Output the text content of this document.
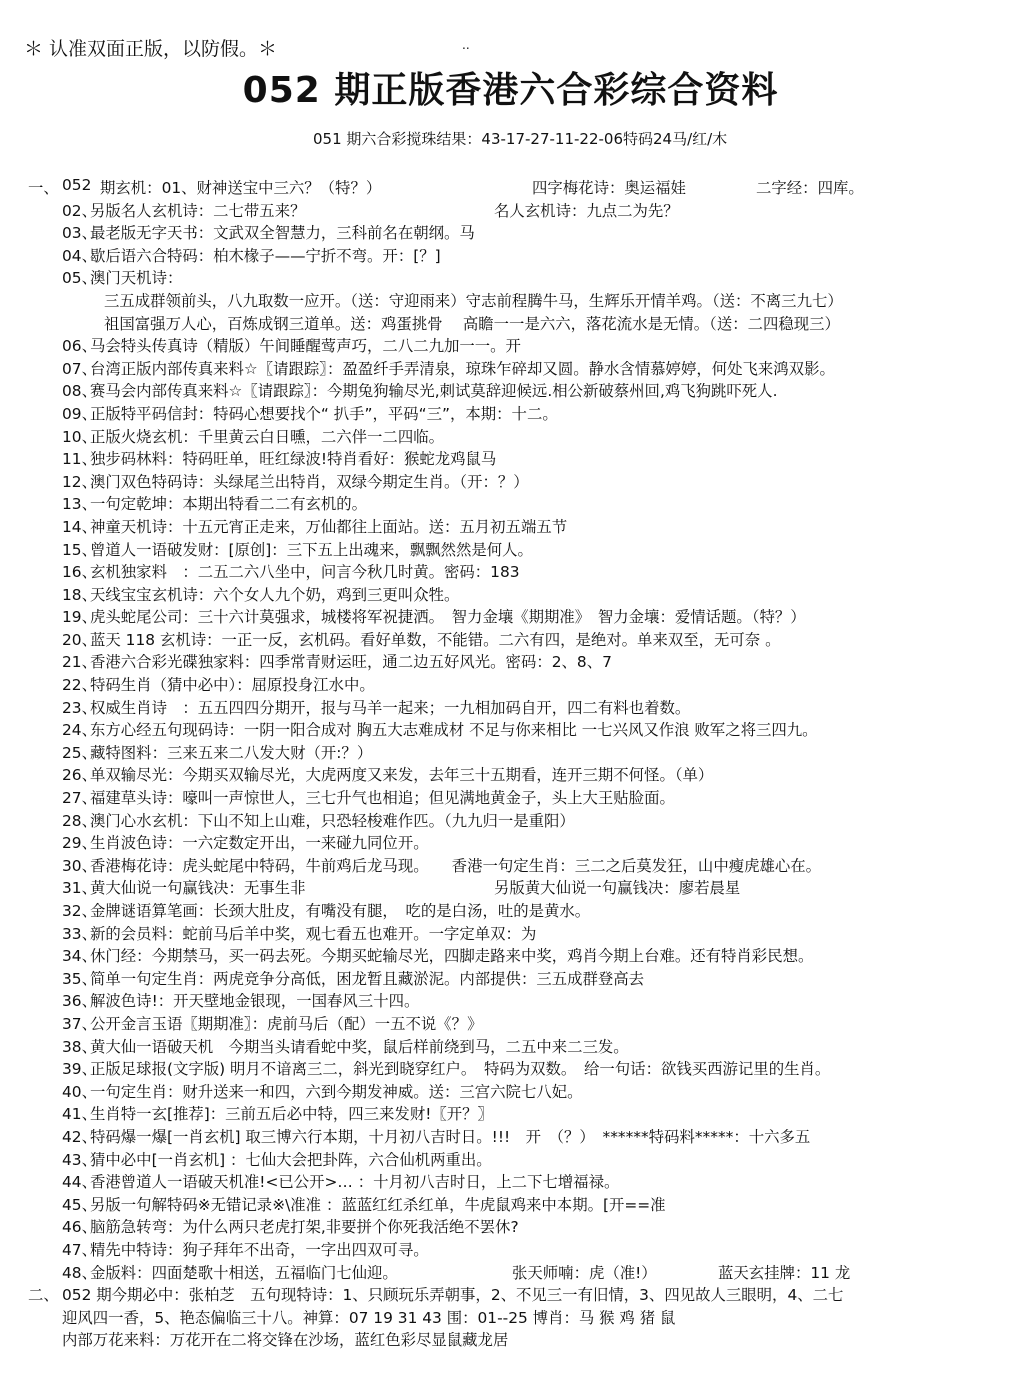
＊ 认准双面正版，以防假。＊	..
052 期正版香港六合彩综合资料
051 期六合彩搅珠结果：43-17-27-11-22-06特码24马/红/木
一、 052 期玄机：01、财神送宝中三六？（特？）	四字梅花诗：奥运福娃	二字经：四库。
02、
另版名人玄机诗：二七带五来？	名人玄机诗：九点二为先？
03、
最老版无字天书：文武双全智慧力，三科前名在朝纲。马
04、
歇后语六合特码：柏木椽子——宁折不弯。开：[？]
05、
澳门天机诗：
三五成群领前头，八九取数一应开。（送：守迎雨来）守志前程腾牛马，生辉乐开情羊鸡。（送：不离三九七）
祖国富强万人心，百炼成钢三道单。送：鸡蛋挑骨　 高瞻一一是六六，落花流水是无情。（送：二四稳现三）
06、
马会特头传真诗（精版）午间睡醒莺声巧，二八二九加一一。开
07、
台湾正版内部传真来料☆〖请跟踪〗：盈盈纤手弄清泉，琼珠乍碎却又圆。静水含情慕婷婷，何处飞来鸿双影。
08、
赛马会内部传真来料☆〖请跟踪〗：今期兔狗输尽光,刺试莫辞迎候远.相公新破蔡州回,鸡飞狗跳吓死人.
09、
正版特平码信封：特码心想要找个“ 扒手”，平码“三”，本期：十二。
10、
正版火烧玄机：千里黄云白日曛，二六伴一二四临。
11、
独步码林料：特码旺单，旺红绿波!特肖看好：猴蛇龙鸡鼠马
12、
澳门双色特码诗：头绿尾兰出特肖，双绿今期定生肖。（开：？）
13、
一句定乾坤：本期出特看二二有玄机的。
14、
神童天机诗：十五元宵正走来，万仙都往上面站。送：五月初五端五节
15、
曾道人一语破发财：[原创]：三下五上出魂来，飘飘然然是何人。
16、
玄机独家料　：二五二六八坐中，问言今秋几时黄。密码：183
18、
天线宝宝玄机诗：六个女人九个奶，鸡到三更叫众牲。
19、
虎头蛇尾公司：三十六计莫强求，城楼将军祝捷洒。　智力金壤《期期准》　智力金壤：爱情话题。（特？）
20、
蓝天 118 玄机诗：一正一反，玄机码。看好单数，不能错。二六有四，是绝对。单来双至，无可奈 。
21、
香港六合彩光碟独家料：四季常青财运旺，通二边五好风光。密码：2、8、7
22、
特码生肖（猜中必中）：屈原投身江水中。
23、
权威生肖诗　：五五四四分期开，报与马羊一起来；一九相加码自开，四二有料也着数。
24、
东方心经五句现码诗：一阴一阳合成对 胸五大志难成材 不足与你来相比 一七兴风又作浪 败军之将三四九。
25、
藏特图料：三来五来二八发大财（开:？）
26、
单双输尽光：今期买双输尽光，大虎两度又来发，去年三十五期看，连开三期不何怪。（单）
27、
福建草头诗：嚎叫一声惊世人，三七升气也相追；但见满地黄金子，头上大王贴脸面。
28、
澳门心水玄机：下山不知上山难，只恐轻梭难作匹。（九九归一是重阳）
29、
生肖波色诗：一六定数定开出，一来碰九同位开。
30、
香港梅花诗：虎头蛇尾中特码，牛前鸡后龙马现。　　香港一句定生肖：三二之后莫发狂，山中瘦虎雄心在。
31、
黄大仙说一句赢钱决：无事生非	另版黄大仙说一句赢钱决：廖若晨星
32、
金牌谜语算笔画：长颈大肚皮，有嘴没有腿，　吃的是白汤，吐的是黄水。
33、
新的会员料：蛇前马后羊中奖，观七看五也难开。一字定单双：为
34、
休门经：今期禁马，买一码去死。今期买蛇输尽光，四脚走路来中奖，鸡肖今期上台难。还有特肖彩民想。
35、
简单一句定生肖：两虎竞争分高低，困龙暂且藏淤泥。内部提供：三五成群登高去
36、
解波色诗!：开天壁地金银现，一国春风三十四。
37、
公开金言玉语〖期期准〗：虎前马后（配）一五不说《？》
38、
黄大仙一语破天机　今期当头请看蛇中奖，鼠后样前绕到马，二五中来二三发。
39、
正版足球报(文字版) 明月不谙离三二，斜光到晓穿红户。　特码为双数。　给一句话：欲钱买西游记里的生肖。
40、
一句定生肖：财升送来一和四，六到今期发神威。送：三宫六院七八妃。
41、
生肖特一玄[推荐]：三前五后必中特，四三来发财!〖开？〗
42、
特码爆一爆[一肖玄机] 取三博六行本期，十月初八吉时日。!!!　开　（？）　******特码料*****：十六多五
43、
猜中必中[一肖玄机] ：七仙大会把卦阵，六合仙机两重出。
44、
香港曾道人一语破天机准!<已公开>… ：十月初八吉时日，上二下七增福禄。
45、
另版一句解特码※无错记录※\准准 ：蓝蓝红红杀红单，牛虎鼠鸡来中本期。[开==准
46、
脑筋急转弯：为什么两只老虎打架,非要拼个你死我活绝不罢休?
47、
精先中特诗：狗子拜年不出奇，一字出四双可寻。
48、
金版料：四面楚歌十相送，五福临门七仙迎。	张天师喃：虎（准!）	蓝天玄挂牌：11 龙
二、 052 期今期必中：张柏芝　五句现特诗：1、只顾玩乐弄朝事，2、不见三一有旧情，3、四见故人三眼明，4、二七
迎风四一香，5、艳态偏临三十八。神算：07 19 31 43 围：01--25 博肖：马 猴 鸡 猪 鼠
内部万花来料：万花开在二将交锋在沙场，蓝红色彩尽显鼠藏龙居
